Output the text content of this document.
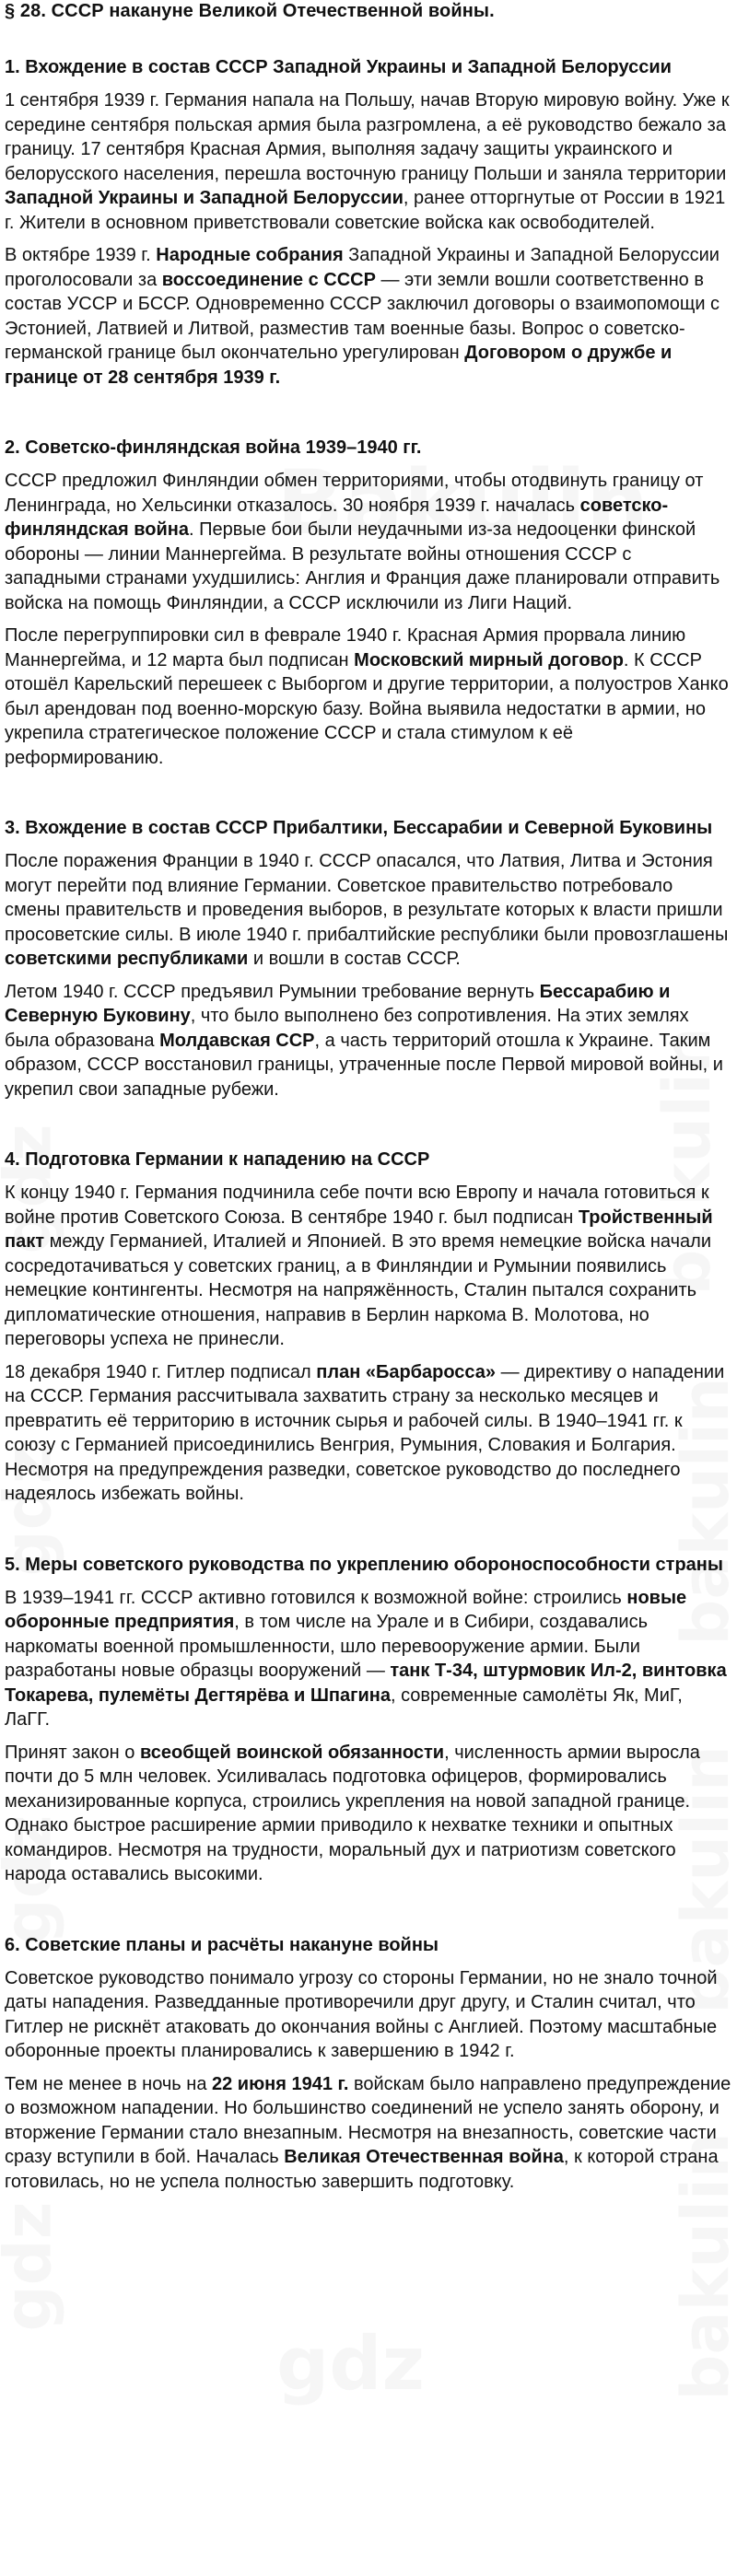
§ 28. СССР накануне Великой Отечественной войны.
1. Вхождение в состав СССР Западной Украины и Западной Белоруссии

1 сентября 1939 г. Германия напала на Польшу, начав Вторую мировую войну. Уже к середине сентября польская армия была разгромлена, а её руководство бежало за границу. 17 сентября Красная Армия, выполняя задачу защиты украинского и белорусского населения, перешла восточную границу Польши и заняла территории Западной Украины и Западной Белоруссии, ранее отторгнутые от России в 1921 г. Жители в основном приветствовали советские войска как освободителей.

В октябре 1939 г. Народные собрания Западной Украины и Западной Белоруссии проголосовали за воссоединение с СССР — эти земли вошли соответственно в состав УССР и БССР. Одновременно СССР заключил договоры о взаимопомощи с Эстонией, Латвией и Литвой, разместив там военные базы. Вопрос о советско-германской границе был окончательно урегулирован Договором о дружбе и границе от 28 сентября 1939 г.

2. Советско-финляндская война 1939–1940 гг.

СССР предложил Финляндии обмен территориями, чтобы отодвинуть границу от Ленинграда, но Хельсинки отказалось. 30 ноября 1939 г. началась советско-финляндская война. Первые бои были неудачными из-за недооценки финской обороны — линии Маннергейма. В результате войны отношения СССР с западными странами ухудшились: Англия и Франция даже планировали отправить войска на помощь Финляндии, а СССР исключили из Лиги Наций.

После перегруппировки сил в феврале 1940 г. Красная Армия прорвала линию Маннергейма, и 12 марта был подписан Московский мирный договор. К СССР отошёл Карельский перешеек с Выборгом и другие территории, а полуостров Ханко был арендован под военно-морскую базу. Война выявила недостатки в армии, но укрепила стратегическое положение СССР и стала стимулом к её реформированию.

3. Вхождение в состав СССР Прибалтики, Бессарабии и Северной Буковины

После поражения Франции в 1940 г. СССР опасался, что Латвия, Литва и Эстония могут перейти под влияние Германии. Советское правительство потребовало смены правительств и проведения выборов, в результате которых к власти пришли просоветские силы. В июле 1940 г. прибалтийские республики были провозглашены советскими республиками и вошли в состав СССР.

Летом 1940 г. СССР предъявил Румынии требование вернуть Бессарабию и Северную Буковину, что было выполнено без сопротивления. На этих землях была образована Молдавская ССР, а часть территорий отошла к Украине. Таким образом, СССР восстановил границы, утраченные после Первой мировой войны, и укрепил свои западные рубежи.

4. Подготовка Германии к нападению на СССР

К концу 1940 г. Германия подчинила себе почти всю Европу и начала готовиться к войне против Советского Союза. В сентябре 1940 г. был подписан Тройственный пакт между Германией, Италией и Японией. В это время немецкие войска начали сосредотачиваться у советских границ, а в Финляндии и Румынии появились немецкие контингенты. Несмотря на напряжённость, Сталин пытался сохранить дипломатические отношения, направив в Берлин наркома В. Молотова, но переговоры успеха не принесли.

18 декабря 1940 г. Гитлер подписал план «Барбаросса» — директиву о нападении на СССР. Германия рассчитывала захватить страну за несколько месяцев и превратить её территорию в источник сырья и рабочей силы. В 1940–1941 гг. к союзу с Германией присоединились Венгрия, Румыния, Словакия и Болгария. Несмотря на предупреждения разведки, советское руководство до последнего надеялось избежать войны.

5. Меры советского руководства по укреплению обороноспособности страны

В 1939–1941 гг. СССР активно готовился к возможной войне: строились новые оборонные предприятия, в том числе на Урале и в Сибири, создавались наркоматы военной промышленности, шло перевооружение армии. Были разработаны новые образцы вооружений — танк Т-34, штурмовик Ил-2, винтовка Токарева, пулемёты Дегтярёва и Шпагина, современные самолёты Як, МиГ, ЛаГГ.

Принят закон о всеобщей воинской обязанности, численность армии выросла почти до 5 млн человек. Усиливалась подготовка офицеров, формировались механизированные корпуса, строились укрепления на новой западной границе. Однако быстрое расширение армии приводило к нехватке техники и опытных командиров. Несмотря на трудности, моральный дух и патриотизм советского народа оставались высокими.

6. Советские планы и расчёты накануне войны

Советское руководство понимало угрозу со стороны Германии, но не знало точной даты нападения. Разведданные противоречили друг другу, и Сталин считал, что Гитлер не рискнёт атаковать до окончания войны с Англией. Поэтому масштабные оборонные проекты планировались к завершению в 1942 г.

Тем не менее в ночь на 22 июня 1941 г. войскам было направлено предупреждение о возможном нападении. Но большинство соединений не успело занять оборону, и вторжение Германии стало внезапным. Несмотря на внезапность, советские части сразу вступили в бой. Началась Великая Отечественная война, к которой страна готовилась, но не успела полностью завершить подготовку.
